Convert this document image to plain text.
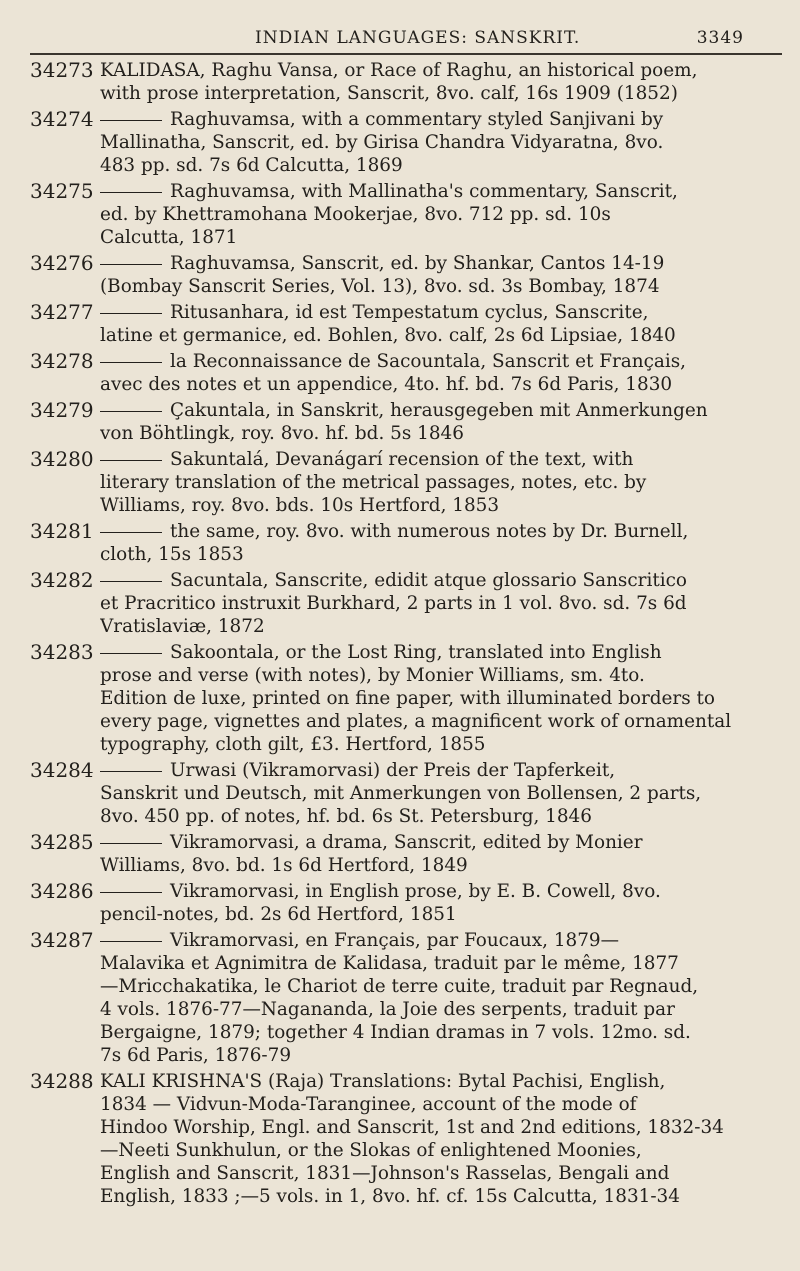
INDIAN LANGUAGES: SANSKRIT.	3349
34273 KALIDASA, Raghu Vansa, or Race of Raghu, an historical poem,
with prose interpretation, Sanscrit, 8vo. calf, 16s 1909 (1852)
34274	Raghuvamsa, with a commentary styled Sanjivani by
Mallinatha, Sanscrit, ed. by Girisa Chandra Vidyaratna, 8vo.
483 pp. sd. 7s 6d Calcutta, 1869
34275	Raghuvamsa, with Mallinatha's commentary, Sanscrit,
ed. by Khettramohana Mookerjae, 8vo. 712 pp. sd. 10s
Calcutta, 1871
34276	Raghuvamsa, Sanscrit, ed. by Shankar, Cantos 14-19
(Bombay Sanscrit Series, Vol. 13), 8vo. sd. 3s Bombay, 1874
34277	Ritusanhara, id est Tempestatum cyclus, Sanscrite,
latine et germanice, ed. Bohlen, 8vo. calf, 2s 6d Lipsiae, 1840
34278	la Reconnaissance de Sacountala, Sanscrit et Français,
avec des notes et un appendice, 4to. hf. bd. 7s 6d Paris, 1830
34279	Çakuntala, in Sanskrit, herausgegeben mit Anmerkungen
von Böhtlingk, roy. 8vo. hf. bd. 5s 1846
34280	Sakuntalá, Devanágarí recension of the text, with
literary translation of the metrical passages, notes, etc. by
Williams, roy. 8vo. bds. 10s Hertford, 1853
34281	the same, roy. 8vo. with numerous notes by Dr. Burnell,
cloth, 15s 1853
34282	Sacuntala, Sanscrite, edidit atque glossario Sanscritico
et Pracritico instruxit Burkhard, 2 parts in 1 vol. 8vo. sd. 7s 6d
Vratislaviæ, 1872
34283	Sakoontala, or the Lost Ring, translated into English
prose and verse (with notes), by Monier Williams, sm. 4to.
Edition de luxe, printed on fine paper, with illuminated borders to
every page, vignettes and plates, a magnificent work of ornamental
typography, cloth gilt, £3. Hertford, 1855
34284	Urwasi (Vikramorvasi) der Preis der Tapferkeit,
Sanskrit und Deutsch, mit Anmerkungen von Bollensen, 2 parts,
8vo. 450 pp. of notes, hf. bd. 6s St. Petersburg, 1846
34285	Vikramorvasi, a drama, Sanscrit, edited by Monier
Williams, 8vo. bd. 1s 6d Hertford, 1849
34286	Vikramorvasi, in English prose, by E. B. Cowell, 8vo.
pencil-notes, bd. 2s 6d Hertford, 1851
34287	Vikramorvasi, en Français, par Foucaux, 1879—
Malavika et Agnimitra de Kalidasa, traduit par le même, 1877
—Mricchakatika, le Chariot de terre cuite, traduit par Regnaud,
4 vols. 1876-77—Nagananda, la Joie des serpents, traduit par
Bergaigne, 1879; together 4 Indian dramas in 7 vols. 12mo. sd.
7s 6d Paris, 1876-79
34288 KALI KRISHNA'S (Raja) Translations: Bytal Pachisi, English,
1834 — Vidvun-Moda-Taranginee, account of the mode of
Hindoo Worship, Engl. and Sanscrit, 1st and 2nd editions, 1832-34
—Neeti Sunkhulun, or the Slokas of enlightened Moonies,
English and Sanscrit, 1831—Johnson's Rasselas, Bengali and
English, 1833 ;—5 vols. in 1, 8vo. hf. cf. 15s Calcutta, 1831-34
